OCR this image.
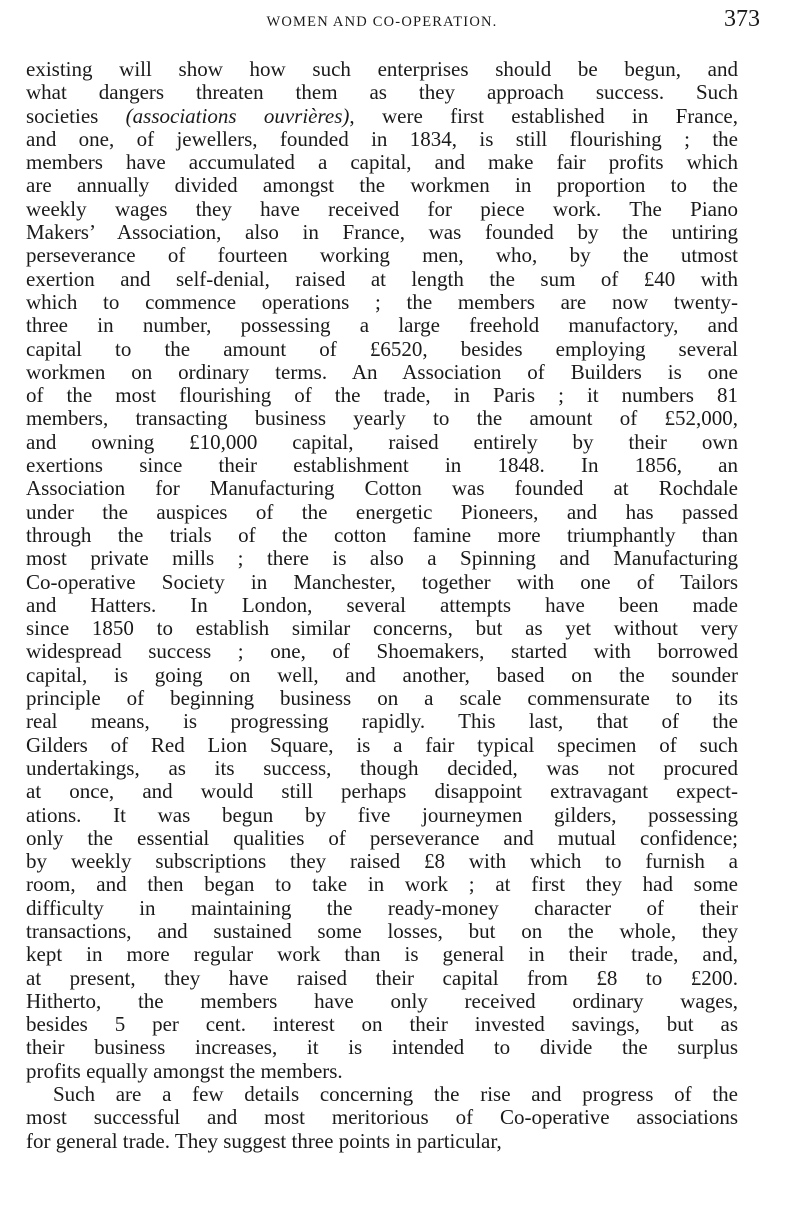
WOMEN AND CO-OPERATION.	373
existing will show how such enterprises should be begun, and
what dangers threaten them as they approach success. Such
societies (associations ouvrières), were first established in France,
and one, of jewellers, founded in 1834, is still flourishing ; the
members have accumulated a capital, and make fair profits which
are annually divided amongst the workmen in proportion to the
weekly wages they have received for piece work. The Piano
Makers’ Association, also in France, was founded by the untiring
perseverance of fourteen working men, who, by the utmost
exertion and self-denial, raised at length the sum of £40 with
which to commence operations ; the members are now twenty-
three in number, possessing a large freehold manufactory, and
capital to the amount of £6520, besides employing several
workmen on ordinary terms. An Association of Builders is one
of the most flourishing of the trade, in Paris ; it numbers 81
members, transacting business yearly to the amount of £52,000,
and owning £10,000 capital, raised entirely by their own
exertions since their establishment in 1848. In 1856, an
Association for Manufacturing Cotton was founded at Rochdale
under the auspices of the energetic Pioneers, and has passed
through the trials of the cotton famine more triumphantly than
most private mills ; there is also a Spinning and Manufacturing
Co-operative Society in Manchester, together with one of Tailors
and Hatters. In London, several attempts have been made
since 1850 to establish similar concerns, but as yet without very
widespread success ; one, of Shoemakers, started with borrowed
capital, is going on well, and another, based on the sounder
principle of beginning business on a scale commensurate to its
real means, is progressing rapidly. This last, that of the
Gilders of Red Lion Square, is a fair typical specimen of such
undertakings, as its success, though decided, was not procured
at once, and would still perhaps disappoint extravagant expect-
ations. It was begun by five journeymen gilders, possessing
only the essential qualities of perseverance and mutual confidence;
by weekly subscriptions they raised £8 with which to furnish a
room, and then began to take in work ; at first they had some
difficulty in maintaining the ready-money character of their
transactions, and sustained some losses, but on the whole, they
kept in more regular work than is general in their trade, and,
at present, they have raised their capital from £8 to £200.
Hitherto, the members have only received ordinary wages,
besides 5 per cent. interest on their invested savings, but as
their business increases, it is intended to divide the surplus
profits equally amongst the members.
Such are a few details concerning the rise and progress of the
most successful and most meritorious of Co-operative associations
for general trade. They suggest three points in particular,
